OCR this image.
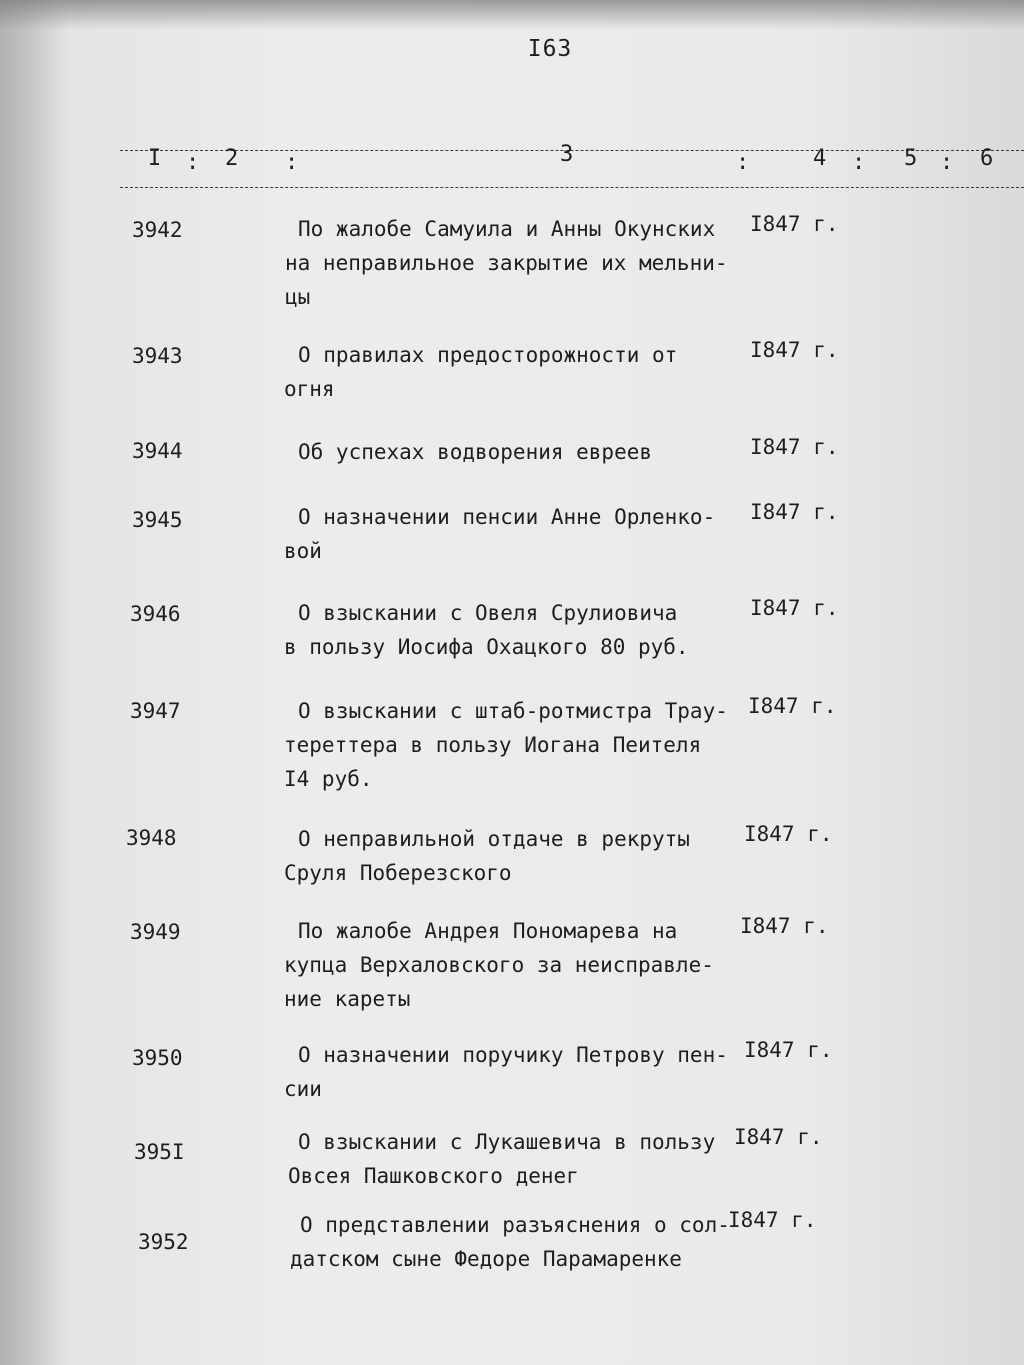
I63
I : 2 :	3	:	4 : 5 : 6
3942	По жалобе Самуила и Анны Окунских
на неправильное закрытие их мельни-
цы
I847 г.
3943	О правилах предосторожности от
огня
I847 г.
3944	Об успехах водворения евреев	I847 г.
3945	О назначении пенсии Анне Орленко-
вой
I847 г.
3946	О взыскании с Овеля Срулиовича
в пользу Иосифа Охацкого 80 руб.
I847 г.
3947	О взыскании с штаб-ротмистра Трау-
тереттера в пользу Иогана Пеителя
I4 руб.
I847 г.
3948	О неправильной отдаче в рекруты
Сруля Поберезского
I847 г.
3949	По жалобе Андрея Пономарева на
купца Верхаловского за неисправле-
ние кареты
I847 г.
3950	О назначении поручику Петрову пен-
сии
I847 г.
395I	О взыскании с Лукашевича в пользу
Овсея Пашковского денег
I847 г.
3952
О представлении разъяснения о сол-
датском сыне Федоре Парамаренке
I847 г.
